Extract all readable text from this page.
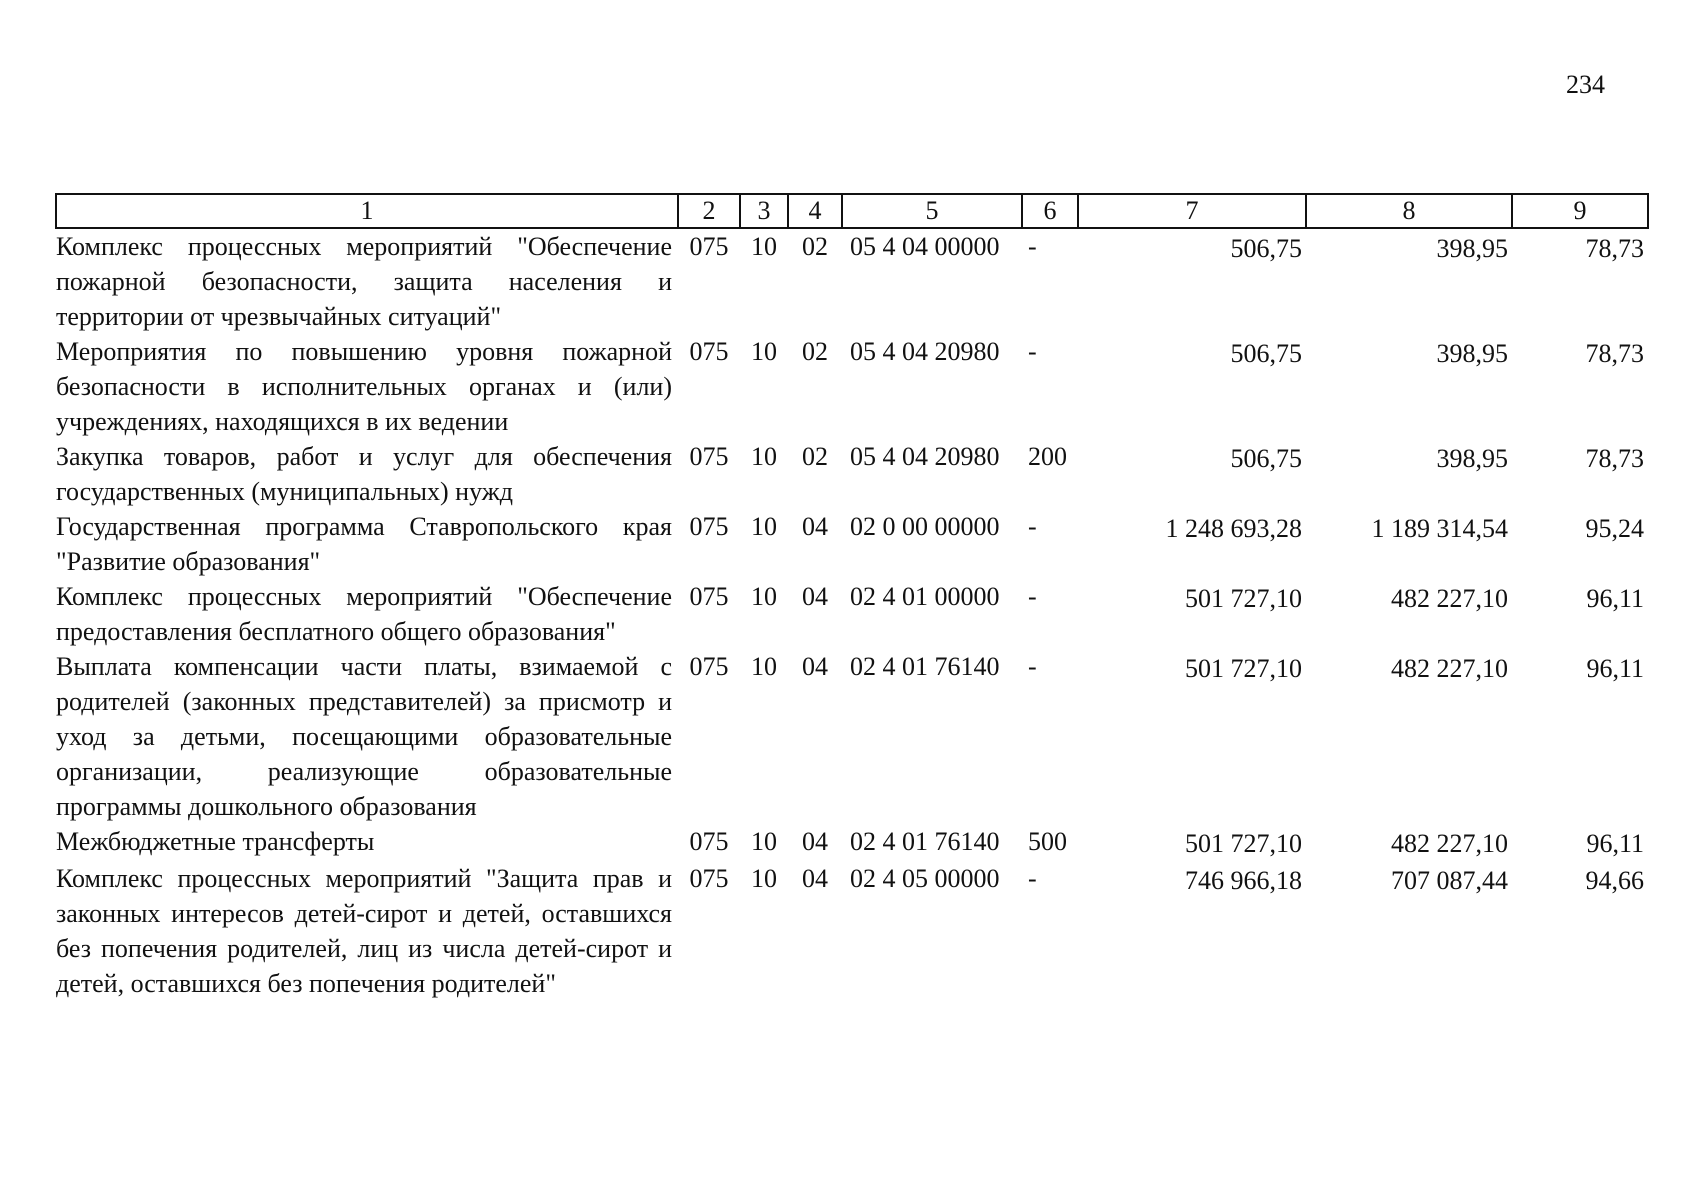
234
1	2	3	4	5	6	7	8	9
Комплекс процессных мероприятий "Обеспечение пожарной безопасности, защита населения и территории от чрезвычайных ситуаций"	075	10	02	05 4 04 00000	-	506,75	398,95	78,73
Мероприятия по повышению уровня пожарной безопасности в исполнительных органах и (или) учреждениях, находящихся в их ведении	075	10	02	05 4 04 20980	-	506,75	398,95	78,73
Закупка товаров, работ и услуг для обеспечения государственных (муниципальных) нужд	075	10	02	05 4 04 20980	200	506,75	398,95	78,73
Государственная программа Ставропольского края "Развитие образования"	075	10	04	02 0 00 00000	-	1 248 693,28	1 189 314,54	95,24
Комплекс процессных мероприятий "Обеспечение предоставления бесплатного общего образования"	075	10	04	02 4 01 00000	-	501 727,10	482 227,10	96,11
Выплата компенсации части платы, взимаемой с родителей (законных представителей) за присмотр и уход за детьми, посещающими образовательные организации, реализующие образовательные программы дошкольного образования	075	10	04	02 4 01 76140	-	501 727,10	482 227,10	96,11
Межбюджетные трансферты	075	10	04	02 4 01 76140	500	501 727,10	482 227,10	96,11
Комплекс процессных мероприятий "Защита прав и законных интересов детей-сирот и детей, оставшихся без попечения родителей, лиц из числа детей-сирот и детей, оставшихся без попечения родителей"	075	10	04	02 4 05 00000	-	746 966,18	707 087,44	94,66
